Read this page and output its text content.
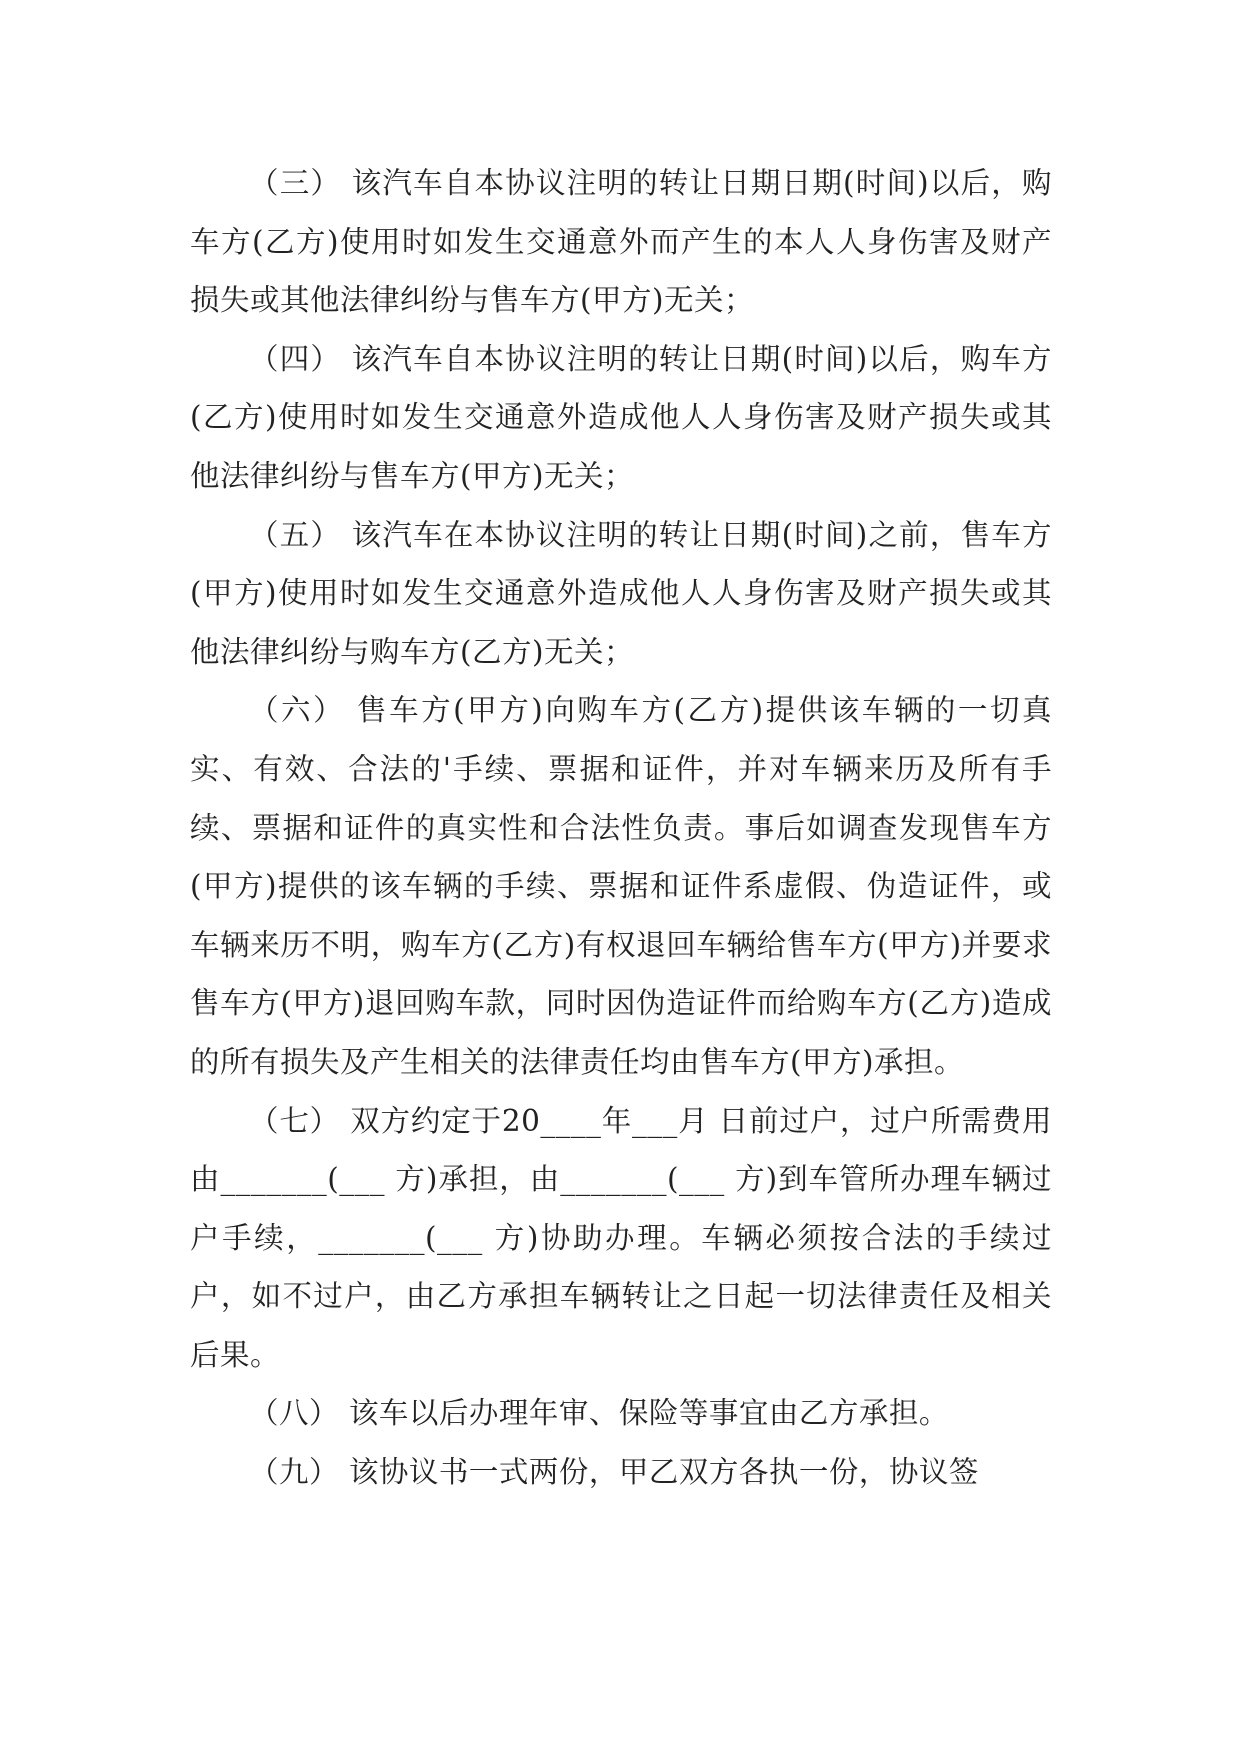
（三） 该汽车自本协议注明的转让日期日期(时间)以后，购车方(乙方)使用时如发生交通意外而产生的本人人身伤害及财产损失或其他法律纠纷与售车方(甲方)无关；

（四） 该汽车自本协议注明的转让日期(时间)以后，购车方(乙方)使用时如发生交通意外造成他人人身伤害及财产损失或其他法律纠纷与售车方(甲方)无关；

（五） 该汽车在本协议注明的转让日期(时间)之前，售车方(甲方)使用时如发生交通意外造成他人人身伤害及财产损失或其他法律纠纷与购车方(乙方)无关；

（六） 售车方(甲方)向购车方(乙方)提供该车辆的一切真实、有效、合法的'手续、票据和证件，并对车辆来历及所有手续、票据和证件的真实性和合法性负责。事后如调查发现售车方(甲方)提供的该车辆的手续、票据和证件系虚假、伪造证件，或车辆来历不明，购车方(乙方)有权退回车辆给售车方(甲方)并要求售车方(甲方)退回购车款，同时因伪造证件而给购车方(乙方)造成的所有损失及产生相关的法律责任均由售车方(甲方)承担。

（七） 双方约定于20____年___月 日前过户，过户所需费用由_______(___ 方)承担，由_______(___ 方)到车管所办理车辆过户手续，_______(___ 方)协助办理。车辆必须按合法的手续过户，如不过户，由乙方承担车辆转让之日起一切法律责任及相关后果。

（八） 该车以后办理年审、保险等事宜由乙方承担。

（九） 该协议书一式两份，甲乙双方各执一份，协议签
